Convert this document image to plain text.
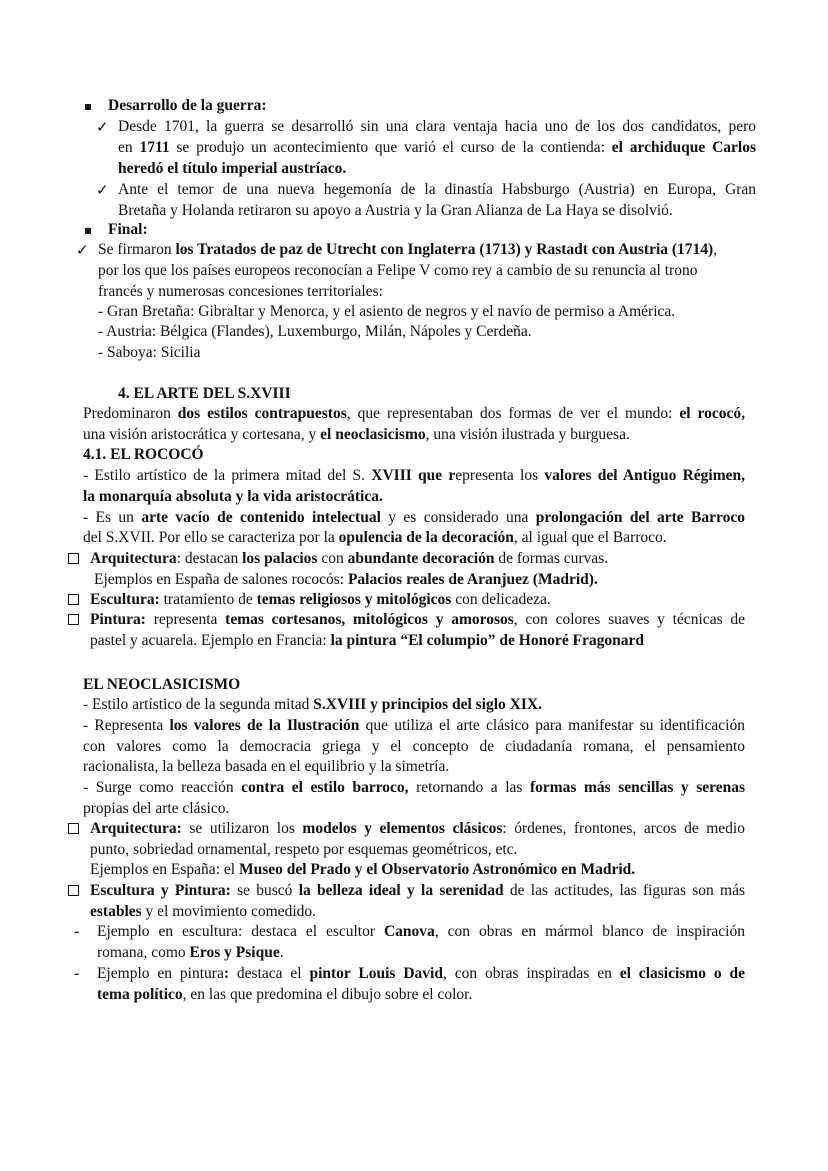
Desarrollo de la guerra:
✓ Desde 1701, la guerra se desarrolló sin una clara ventaja hacia uno de los dos candidatos, pero
en 1711 se produjo un acontecimiento que varió el curso de la contienda: el archiduque Carlos
heredó el título imperial austríaco.
✓ Ante el temor de una nueva hegemonía de la dinastía Habsburgo (Austria) en Europa, Gran
Bretaña y Holanda retiraron su apoyo a Austria y la Gran Alianza de La Haya se disolvió.
Final:
✓ Se firmaron los Tratados de paz de Utrecht con Inglaterra (1713) y Rastadt con Austria (1714),
por los que los países europeos reconocían a Felipe V como rey a cambio de su renuncia al trono
francés y numerosas concesiones territoriales:
- Gran Bretaña: Gibraltar y Menorca, y el asiento de negros y el navío de permiso a América.
- Austria: Bélgica (Flandes), Luxemburgo, Milán, Nápoles y Cerdeña.
- Saboya: Sicilia
4. EL ARTE DEL S.XVIII
Predominaron dos estilos contrapuestos, que representaban dos formas de ver el mundo: el rococó,
una visión aristocrática y cortesana, y el neoclasicismo, una visión ilustrada y burguesa.
4.1. EL ROCOCÓ
- Estilo artístico de la primera mitad del S. XVIII que representa los valores del Antiguo Régimen,
la monarquía absoluta y la vida aristocrática.
- Es un arte vacío de contenido intelectual y es considerado una prolongación del arte Barroco
del S.XVII. Por ello se caracteriza por la opulencia de la decoración, al igual que el Barroco.
Arquitectura: destacan los palacios con abundante decoración de formas curvas.
Ejemplos en España de salones rococós: Palacios reales de Aranjuez (Madrid).
Escultura: tratamiento de temas religiosos y mitológicos con delicadeza.
Pintura: representa temas cortesanos, mitológicos y amorosos, con colores suaves y técnicas de
pastel y acuarela. Ejemplo en Francia: la pintura “El columpio” de Honoré Fragonard
EL NEOCLASICISMO
- Estilo artístico de la segunda mitad S.XVIII y principios del siglo XIX.
- Representa los valores de la Ilustración que utiliza el arte clásico para manifestar su identificación
con valores como la democracia griega y el concepto de ciudadanía romana, el pensamiento
racionalista, la belleza basada en el equilibrio y la simetría.
- Surge como reacción contra el estilo barroco, retornando a las formas más sencillas y serenas
propias del arte clásico.
Arquitectura: se utilizaron los modelos y elementos clásicos: órdenes, frontones, arcos de medio
punto, sobriedad ornamental, respeto por esquemas geométricos, etc.
Ejemplos en España: el Museo del Prado y el Observatorio Astronómico en Madrid.
Escultura y Pintura: se buscó la belleza ideal y la serenidad de las actitudes, las figuras son más
estables y el movimiento comedido.
- Ejemplo en escultura: destaca el escultor Canova, con obras en mármol blanco de inspiración
romana, como Eros y Psique.
- Ejemplo en pintura: destaca el pintor Louis David, con obras inspiradas en el clasicismo o de
tema político, en las que predomina el dibujo sobre el color.
